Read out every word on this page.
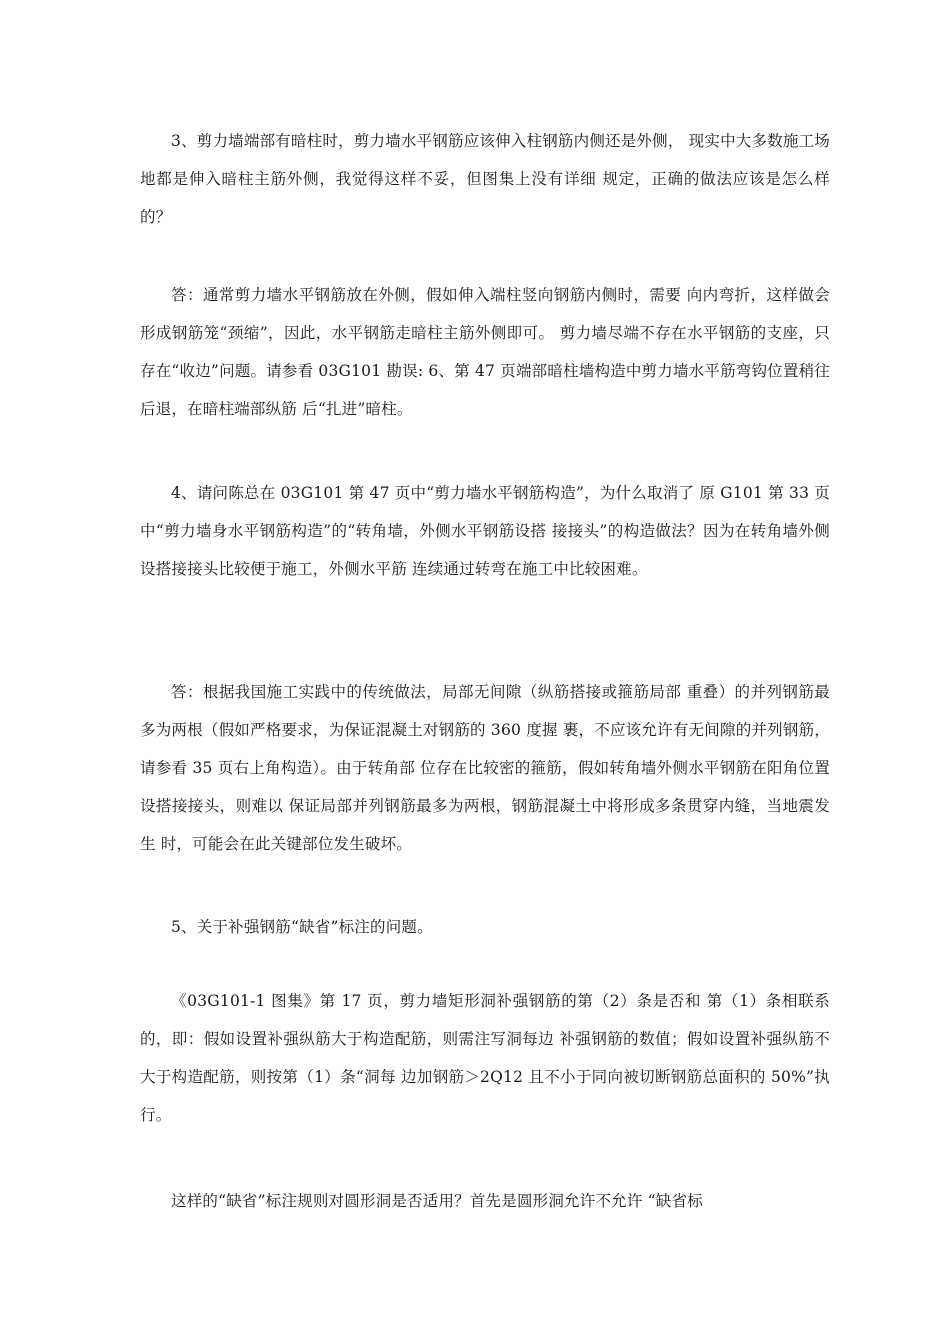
3、剪力墙端部有暗柱时，剪力墙水平钢筋应该伸入柱钢筋内侧还是外侧， 现实中大多数施工场地都是伸入暗柱主筋外侧，我觉得这样不妥，但图集上没有详细 规定，正确的做法应该是怎么样的？

答：通常剪力墙水平钢筋放在外侧，假如伸入端柱竖向钢筋内侧时，需要 向内弯折，这样做会形成钢筋笼“颈缩”，因此，水平钢筋走暗柱主筋外侧即可。 剪力墙尽端不存在水平钢筋的支座，只存在“收边”问题。请参看 03G101 勘误: 6、第 47 页端部暗柱墙构造中剪力墙水平筋弯钩位置稍往后退，在暗柱端部纵筋 后“扎进”暗柱。

4、请问陈总在 03G101 第 47 页中“剪力墙水平钢筋构造”，为什么取消了 原 G101 第 33 页中“剪力墙身水平钢筋构造”的“转角墙，外侧水平钢筋设搭 接接头”的构造做法？因为在转角墙外侧设搭接接头比较便于施工，外侧水平筋 连续通过转弯在施工中比较困难。

答：根据我国施工实践中的传统做法，局部无间隙（纵筋搭接或箍筋局部 重叠）的并列钢筋最多为两根（假如严格要求，为保证混凝土对钢筋的 360 度握 裹，不应该允许有无间隙的并列钢筋，请参看 35 页右上角构造）。由于转角部 位存在比较密的箍筋，假如转角墙外侧水平钢筋在阳角位置设搭接接头，则难以 保证局部并列钢筋最多为两根，钢筋混凝土中将形成多条贯穿内缝，当地震发生 时，可能会在此关键部位发生破坏。

5、关于补强钢筋“缺省”标注的问题。

《03G101-1 图集》第 17 页，剪力墙矩形洞补强钢筋的第（2）条是否和 第（1）条相联系的，即：假如设置补强纵筋大于构造配筋，则需注写洞每边 补强钢筋的数值；假如设置补强纵筋不大于构造配筋，则按第（1）条“洞每 边加钢筋＞2Q12 且不小于同向被切断钢筋总面积的 50%”执行。

这样的“缺省”标注规则对圆形洞是否适用？首先是圆形洞允许不允许 “缺省标
